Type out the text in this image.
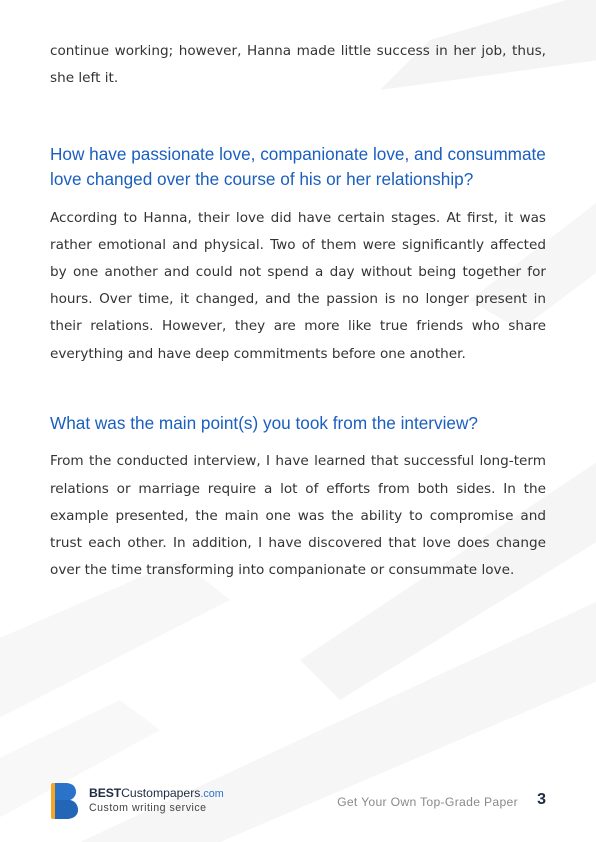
continue working; however, Hanna made little success in her job, thus, she left it.

How have passionate love, companionate love, and consummate love changed over the course of his or her relationship?

According to Hanna, their love did have certain stages. At first, it was rather emotional and physical. Two of them were significantly affected by one another and could not spend a day without being together for hours. Over time, it changed, and the passion is no longer present in their relations. However, they are more like true friends who share everything and have deep commitments before one another.

What was the main point(s) you took from the interview?

From the conducted interview, I have learned that successful long-term relations or marriage require a lot of efforts from both sides. In the example presented, the main one was the ability to compromise and trust each other. In addition, I have discovered that love does change over the time transforming into companionate or consummate love.

BESTCustompapers.com
Custom writing service	Get Your Own Top-Grade Paper 3
